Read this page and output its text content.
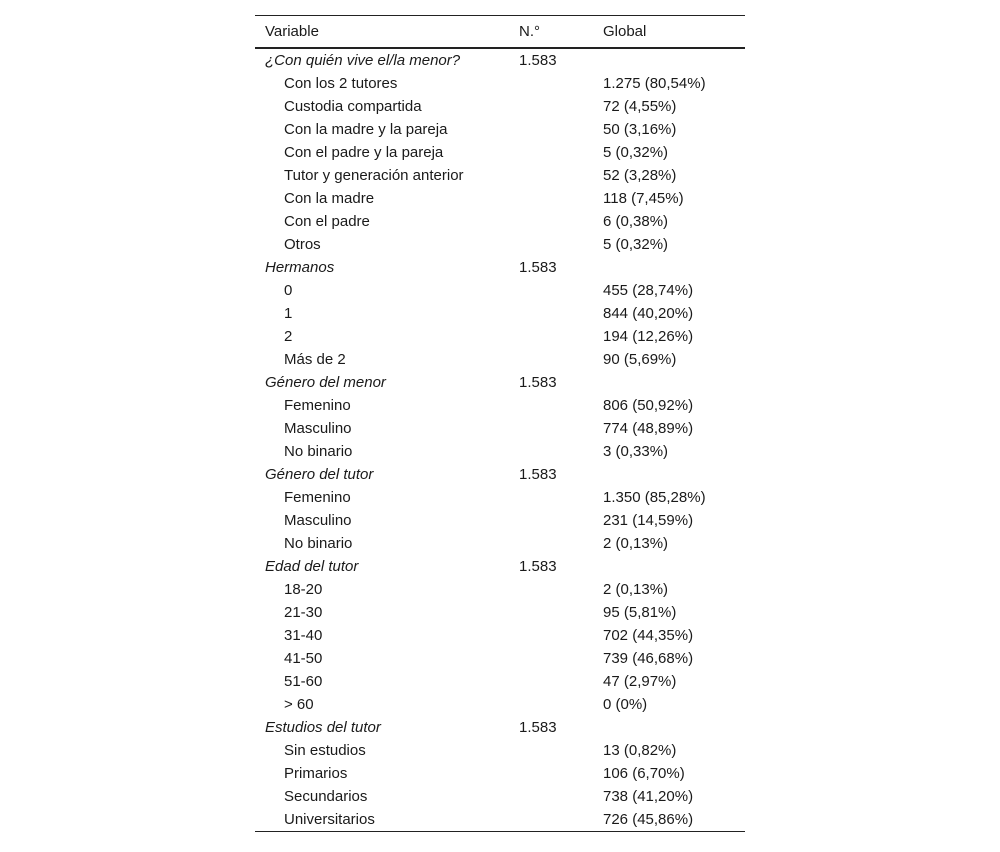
Variable	N.°	Global
¿Con quién vive el/la menor?	1.583	
Con los 2 tutores		1.275 (80,54%)
Custodia compartida		72 (4,55%)
Con la madre y la pareja		50 (3,16%)
Con el padre y la pareja		5 (0,32%)
Tutor y generación anterior		52 (3,28%)
Con la madre		118 (7,45%)
Con el padre		6 (0,38%)
Otros		5 (0,32%)
Hermanos	1.583	
0		455 (28,74%)
1		844 (40,20%)
2		194 (12,26%)
Más de 2		90 (5,69%)
Género del menor	1.583	
Femenino		806 (50,92%)
Masculino		774 (48,89%)
No binario		3 (0,33%)
Género del tutor	1.583	
Femenino		1.350 (85,28%)
Masculino		231 (14,59%)
No binario		2 (0,13%)
Edad del tutor	1.583	
18-20		2 (0,13%)
21-30		95 (5,81%)
31-40		702 (44,35%)
41-50		739 (46,68%)
51-60		47 (2,97%)
> 60		0 (0%)
Estudios del tutor	1.583	
Sin estudios		13 (0,82%)
Primarios		106 (6,70%)
Secundarios		738 (41,20%)
Universitarios		726 (45,86%)
